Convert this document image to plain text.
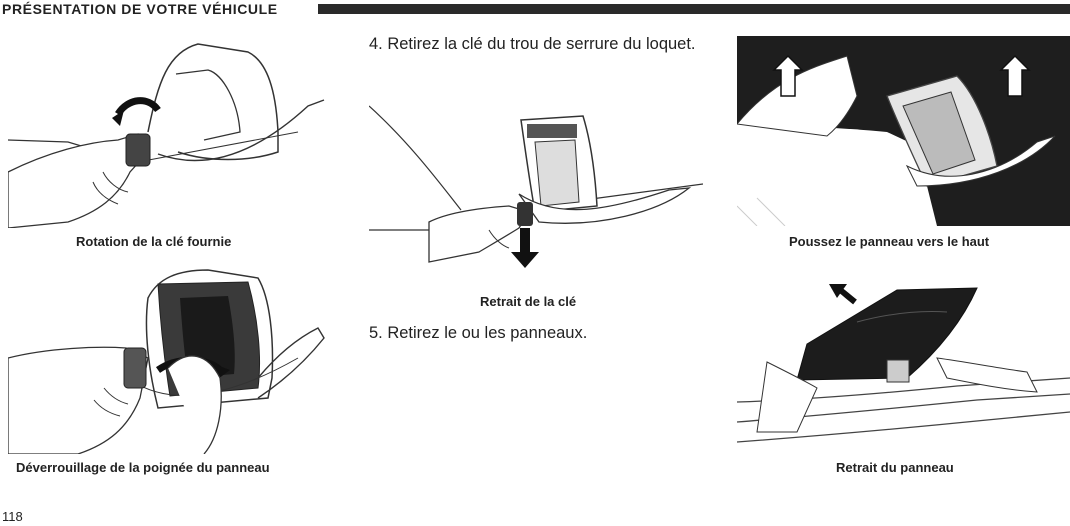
PRÉSENTATION DE VOTRE VÉHICULE
Rotation de la clé fournie
Déverrouillage de la poignée du panneau
4. Retirez la clé du trou de serrure du loquet.
Retrait de la clé
5. Retirez le ou les panneaux.
Poussez le panneau vers le haut
Retrait du panneau
118
